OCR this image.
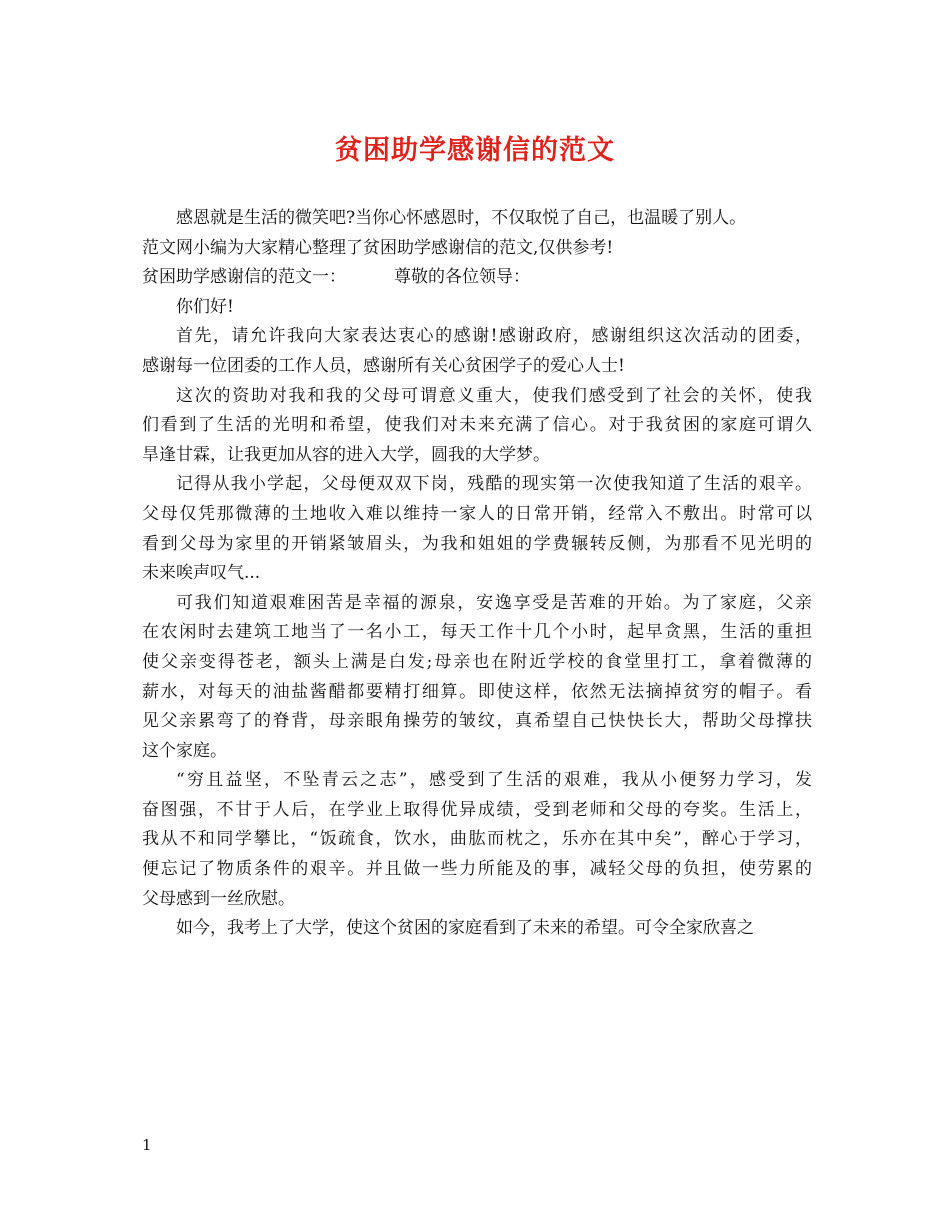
贫困助学感谢信的范文
感恩就是生活的微笑吧?当你心怀感恩时，不仅取悦了自己，也温暖了别人。
范文网小编为大家精心整理了贫困助学感谢信的范文,仅供参考!
贫困助学感谢信的范文一：	尊敬的各位领导：
你们好!
首先，请允许我向大家表达衷心的感谢!感谢政府，感谢组织这次活动的团委，
感谢每一位团委的工作人员，感谢所有关心贫困学子的爱心人士!
这次的资助对我和我的父母可谓意义重大，使我们感受到了社会的关怀，使我
们看到了生活的光明和希望，使我们对未来充满了信心。对于我贫困的家庭可谓久
旱逢甘霖，让我更加从容的进入大学，圆我的大学梦。
记得从我小学起，父母便双双下岗，残酷的现实第一次使我知道了生活的艰辛。
父母仅凭那微薄的土地收入难以维持一家人的日常开销，经常入不敷出。时常可以
看到父母为家里的开销紧皱眉头，为我和姐姐的学费辗转反侧，为那看不见光明的
未来唉声叹气...
可我们知道艰难困苦是幸福的源泉，安逸享受是苦难的开始。为了家庭，父亲
在农闲时去建筑工地当了一名小工，每天工作十几个小时，起早贪黑，生活的重担
使父亲变得苍老，额头上满是白发;母亲也在附近学校的食堂里打工，拿着微薄的
薪水，对每天的油盐酱醋都要精打细算。即使这样，依然无法摘掉贫穷的帽子。看
见父亲累弯了的脊背，母亲眼角操劳的皱纹，真希望自己快快长大，帮助父母撑扶
这个家庭。
“穷且益坚，不坠青云之志”，感受到了生活的艰难，我从小便努力学习，发
奋图强，不甘于人后，在学业上取得优异成绩，受到老师和父母的夸奖。生活上，
我从不和同学攀比，“饭疏食，饮水，曲肱而枕之，乐亦在其中矣”，醉心于学习，
便忘记了物质条件的艰辛。并且做一些力所能及的事，减轻父母的负担，使劳累的
父母感到一丝欣慰。
如今，我考上了大学，使这个贫困的家庭看到了未来的希望。可令全家欣喜之
1
